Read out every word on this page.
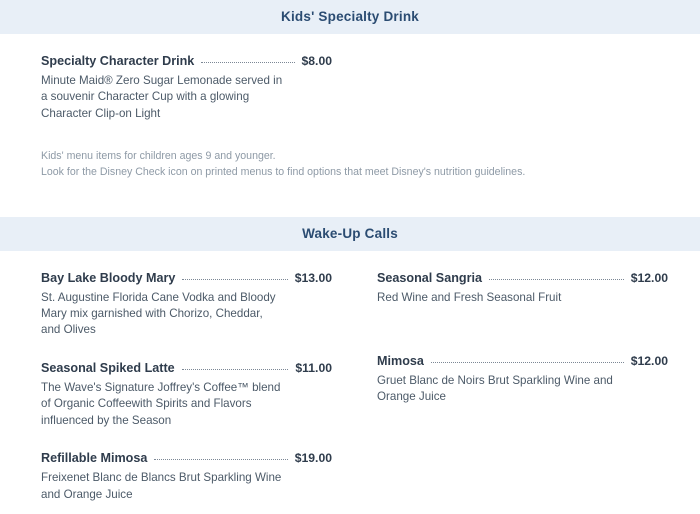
Kids' Specialty Drink
Specialty Character Drink	$8.00
Minute Maid® Zero Sugar Lemonade served in a souvenir Character Cup with a glowing Character Clip-on Light
Kids' menu items for children ages 9 and younger.
Look for the Disney Check icon on printed menus to find options that meet Disney's nutrition guidelines.
Wake-Up Calls
Bay Lake Bloody Mary	$13.00
St. Augustine Florida Cane Vodka and Bloody Mary mix garnished with Chorizo, Cheddar, and Olives
Seasonal Spiked Latte	$11.00
The Wave's Signature Joffrey's Coffee™ blend of Organic Coffeewith Spirits and Flavors influenced by the Season
Refillable Mimosa	$19.00
Freixenet Blanc de Blancs Brut Sparkling Wine and Orange Juice
Seasonal Sangria	$12.00
Red Wine and Fresh Seasonal Fruit
Mimosa	$12.00
Gruet Blanc de Noirs Brut Sparkling Wine and Orange Juice
